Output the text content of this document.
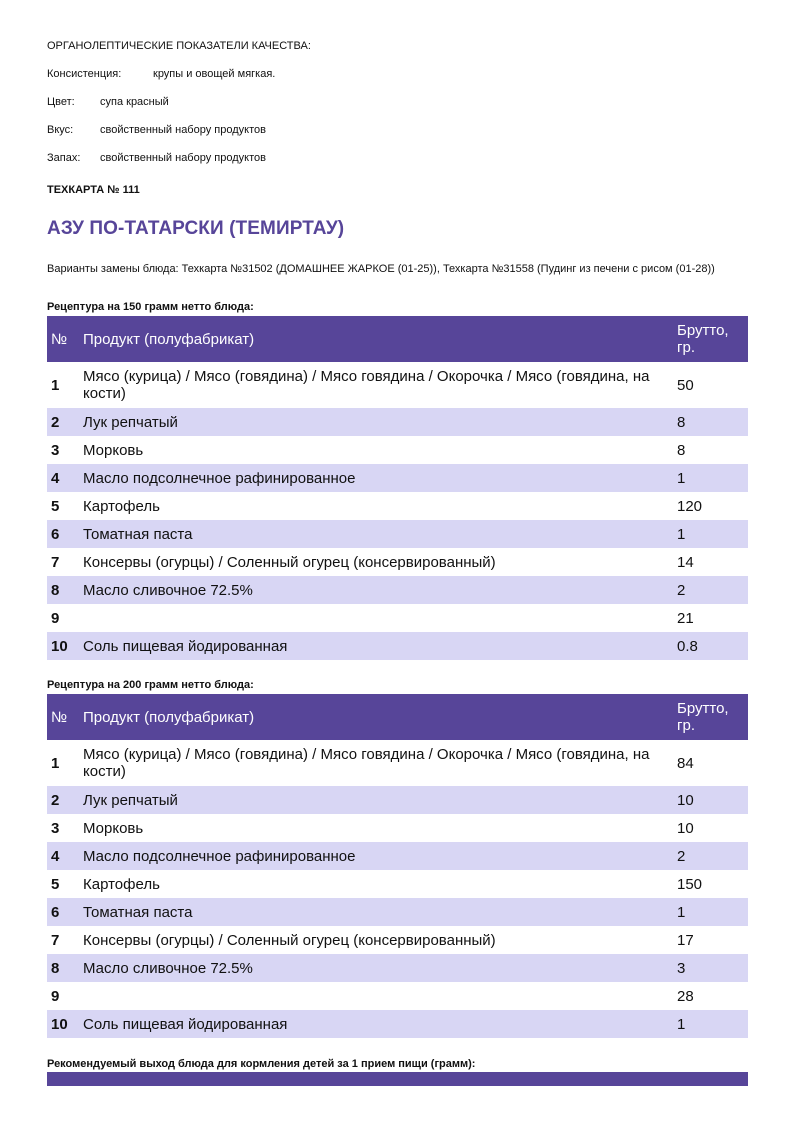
ОРГАНОЛЕПТИЧЕСКИЕ ПОКАЗАТЕЛИ КАЧЕСТВА:
Консистенция:	крупы и овощей мягкая.
Цвет:	супа красный
Вкус:	свойственный набору продуктов
Запах:	свойственный набору продуктов
ТЕХКАРТА № 111
АЗУ ПО-ТАТАРСКИ (ТЕМИРТАУ)
Варианты замены блюда: Техкарта №31502 (ДОМАШНЕЕ ЖАРКОЕ (01-25)), Техкарта №31558 (Пудинг из печени с рисом (01-28))
Рецептура на 150 грамм нетто блюда:
№	Продукт (полуфабрикат)	Брутто, гр.
1	Мясо (курица) / Мясо (говядина) / Мясо говядина / Окорочка / Мясо (говядина, на кости)	50
2	Лук репчатый	8
3	Морковь	8
4	Масло подсолнечное рафинированное	1
5	Картофель	120
6	Томатная паста	1
7	Консервы (огурцы) / Соленный огурец (консервированный)	14
8	Масло сливочное 72.5%	2
9		21
10	Соль пищевая йодированная	0.8
Рецептура на 200 грамм нетто блюда:
№	Продукт (полуфабрикат)	Брутто, гр.
1	Мясо (курица) / Мясо (говядина) / Мясо говядина / Окорочка / Мясо (говядина, на кости)	84
2	Лук репчатый	10
3	Морковь	10
4	Масло подсолнечное рафинированное	2
5	Картофель	150
6	Томатная паста	1
7	Консервы (огурцы) / Соленный огурец (консервированный)	17
8	Масло сливочное 72.5%	3
9		28
10	Соль пищевая йодированная	1
Рекомендуемый выход блюда для кормления детей за 1 прием пищи (грамм):
